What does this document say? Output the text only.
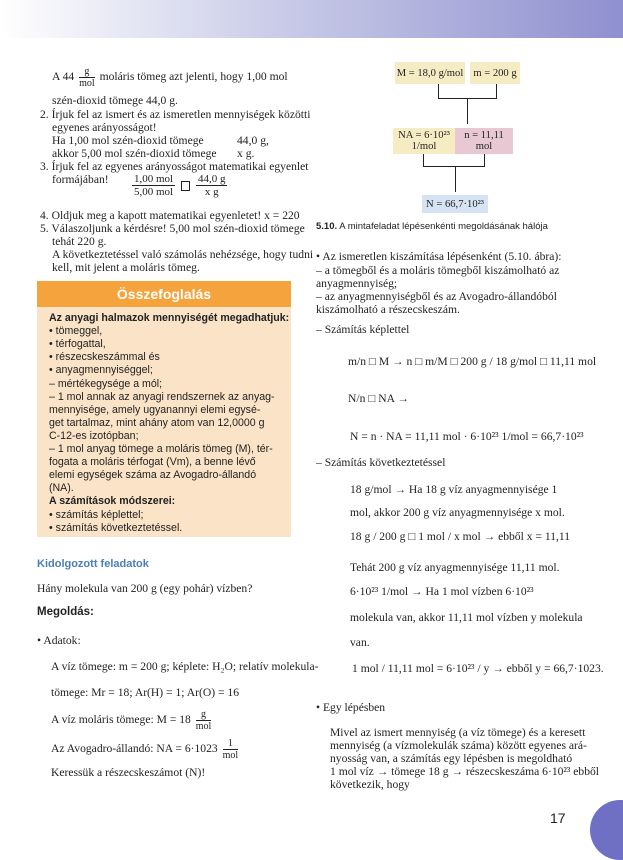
A $44 \frac{g}{\text{mol}}$ moláris tömeg azt jelenti, hogy 1,00 mol
szén-dioxid tömege 44,0 g.
2. Írjuk fel az ismert és az ismeretlen mennyiségek közötti
egyenes arányosságot!
Ha 1,00 mol szén-dioxid tömege	44,0 g,
akkor 5,00 mol szén-dioxid tömege x g.
3. Írjuk fel az egyenes arányosságot matematikai egyenlet
formájában! $\frac{\text{1,00 mol}}{\text{5,00 mol}}$
$\frac{44,0 g}{\text{x g}}$
4. Oldjuk meg a kapott matematikai egyenletet! x = 220
5. Válaszoljunk a kérdésre! 5,00 mol szén-dioxid tömege
tehát 220 g.
A következtetéssel való számolás nehézsége, hogy tudni
kell, mit jelent a moláris tömeg.
Összefoglalás
Az anyagi halmazok mennyiségét megadhatjuk:
• tömeggel,
• térfogattal,
• részecskeszámmal és
• anyagmennyiséggel;
– mértékegysége a mól;
– 1 mol annak az anyagi rendszernek az anyag-
mennyisége, amely ugyanannyi elemi egysé-
get tartalmaz, mint ahány atom van 12,0000 g
C-12-es izotópban;
– 1 mol anyag tömege a moláris tömeg (M), tér-
fogata a moláris térfogat (Vm), a benne lévő
elemi egységek száma az Avogadro-állandó
(NA).
A számítások módszerei:
• számítás képlettel;
• számítás következtetéssel.
Kidolgozott feladatok
Hány molekula van 200 g (egy pohár) vízben?
Megoldás:
• Adatok:
A víz tömege: m = 200 g; képlete: H₂O; relatív molekula-
tömege: Mr = 18; Ar(H) = 1; Ar(O) = 16
A víz moláris tömege: $M = 18 \frac{g}{\text{mol}}$
Az Avogadro-állandó: NA = $6\cdot 1023 \frac{1}{\text{mol}}$
Keressük a részecskeszámot (N)!
M = 18,0 g/mol m = 200 g
NA = 6·10²³ 1/mol
n = 11,11 mol
N = 66,7·10²³
5.10. A mintafeladat lépésenkénti megoldásának hálója
• Az ismeretlen kiszámítása lépésenként (5.10. ábra):
– a tömegből és a moláris tömegből kiszámolható az
anyagmennyiség;
– az anyagmennyiségből és az Avogadro-állandóból
kiszámolható a részecskeszám.
– Számítás képlettel
m/n □ M → n □ m/M □ 200 g / 18 g/mol □ 11,11 mol
N/n □ NA →
N = n · NA = 11,11 mol · 6·10²³ 1/mol = 66,7·10²³
– Számítás következtetéssel
18 g/mol → Ha 18 g víz anyagmennyisége 1
mol, akkor 200 g víz anyagmennyisége x mol.
18 g / 200 g □ 1 mol / x mol → ebből x = 11,11
Tehát 200 g víz anyagmennyisége 11,11 mol.
6·10²³ 1/mol → Ha 1 mol vízben 6·10²³
molekula van, akkor 11,11 mol vízben y molekula
van.
1 mol / 11,11 mol = 6·10²³ / y → ebből y = 66,7·1023.
• Egy lépésben
Mivel az ismert mennyiség (a víz tömege) és a keresett
mennyiség (a vízmolekulák száma) között egyenes ará-
nyosság van, a számítás egy lépésben is megoldható
1 mol víz → tömege 18 g → részecskeszáma 6·10²³ ebből
következik, hogy
17
